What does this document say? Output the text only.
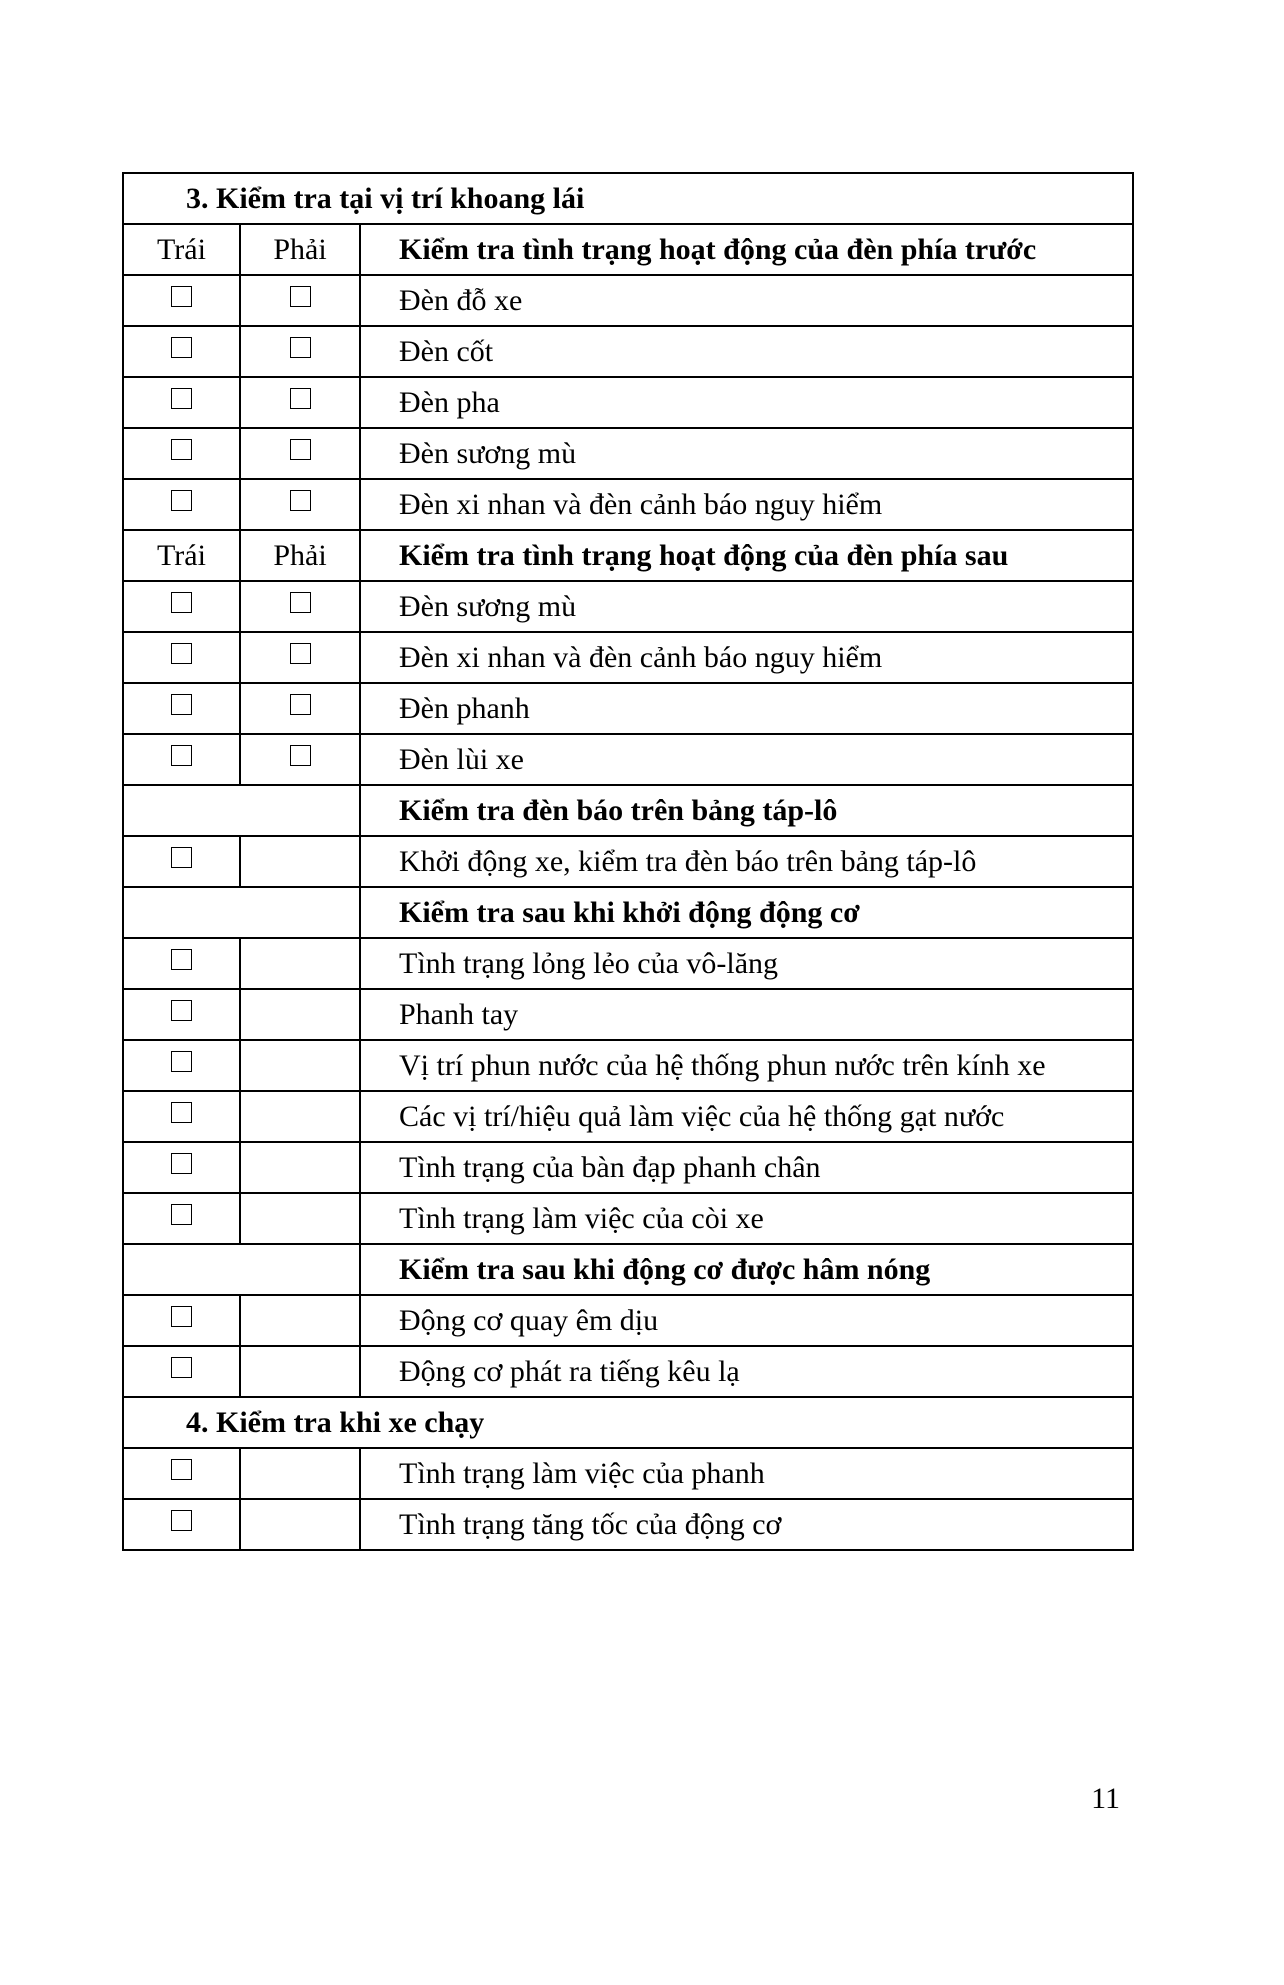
3. Kiểm tra tại vị trí khoang lái		
Trái	Phải	Kiểm tra tình trạng hoạt động của đèn phía trước
		Đèn đỗ xe
		Đèn cốt
		Đèn pha
		Đèn sương mù
		Đèn xi nhan và đèn cảnh báo nguy hiểm
Trái	Phải	Kiểm tra tình trạng hoạt động của đèn phía sau
		Đèn sương mù
		Đèn xi nhan và đèn cảnh báo nguy hiểm
		Đèn phanh
		Đèn lùi xe
		Kiểm tra đèn báo trên bảng táp-lô
		Khởi động xe, kiểm tra đèn báo trên bảng táp-lô
		Kiểm tra sau khi khởi động động cơ
		Tình trạng lỏng lẻo của vô-lăng
		Phanh tay
		Vị trí phun nước của hệ thống phun nước trên kính xe
		Các vị trí/hiệu quả làm việc của hệ thống gạt nước
		Tình trạng của bàn đạp phanh chân
		Tình trạng làm việc của còi xe
		Kiểm tra sau khi động cơ được hâm nóng
		Động cơ quay êm dịu
		Động cơ phát ra tiếng kêu lạ
4. Kiểm tra khi xe chạy		
		Tình trạng làm việc của phanh
		Tình trạng tăng tốc của động cơ
11
